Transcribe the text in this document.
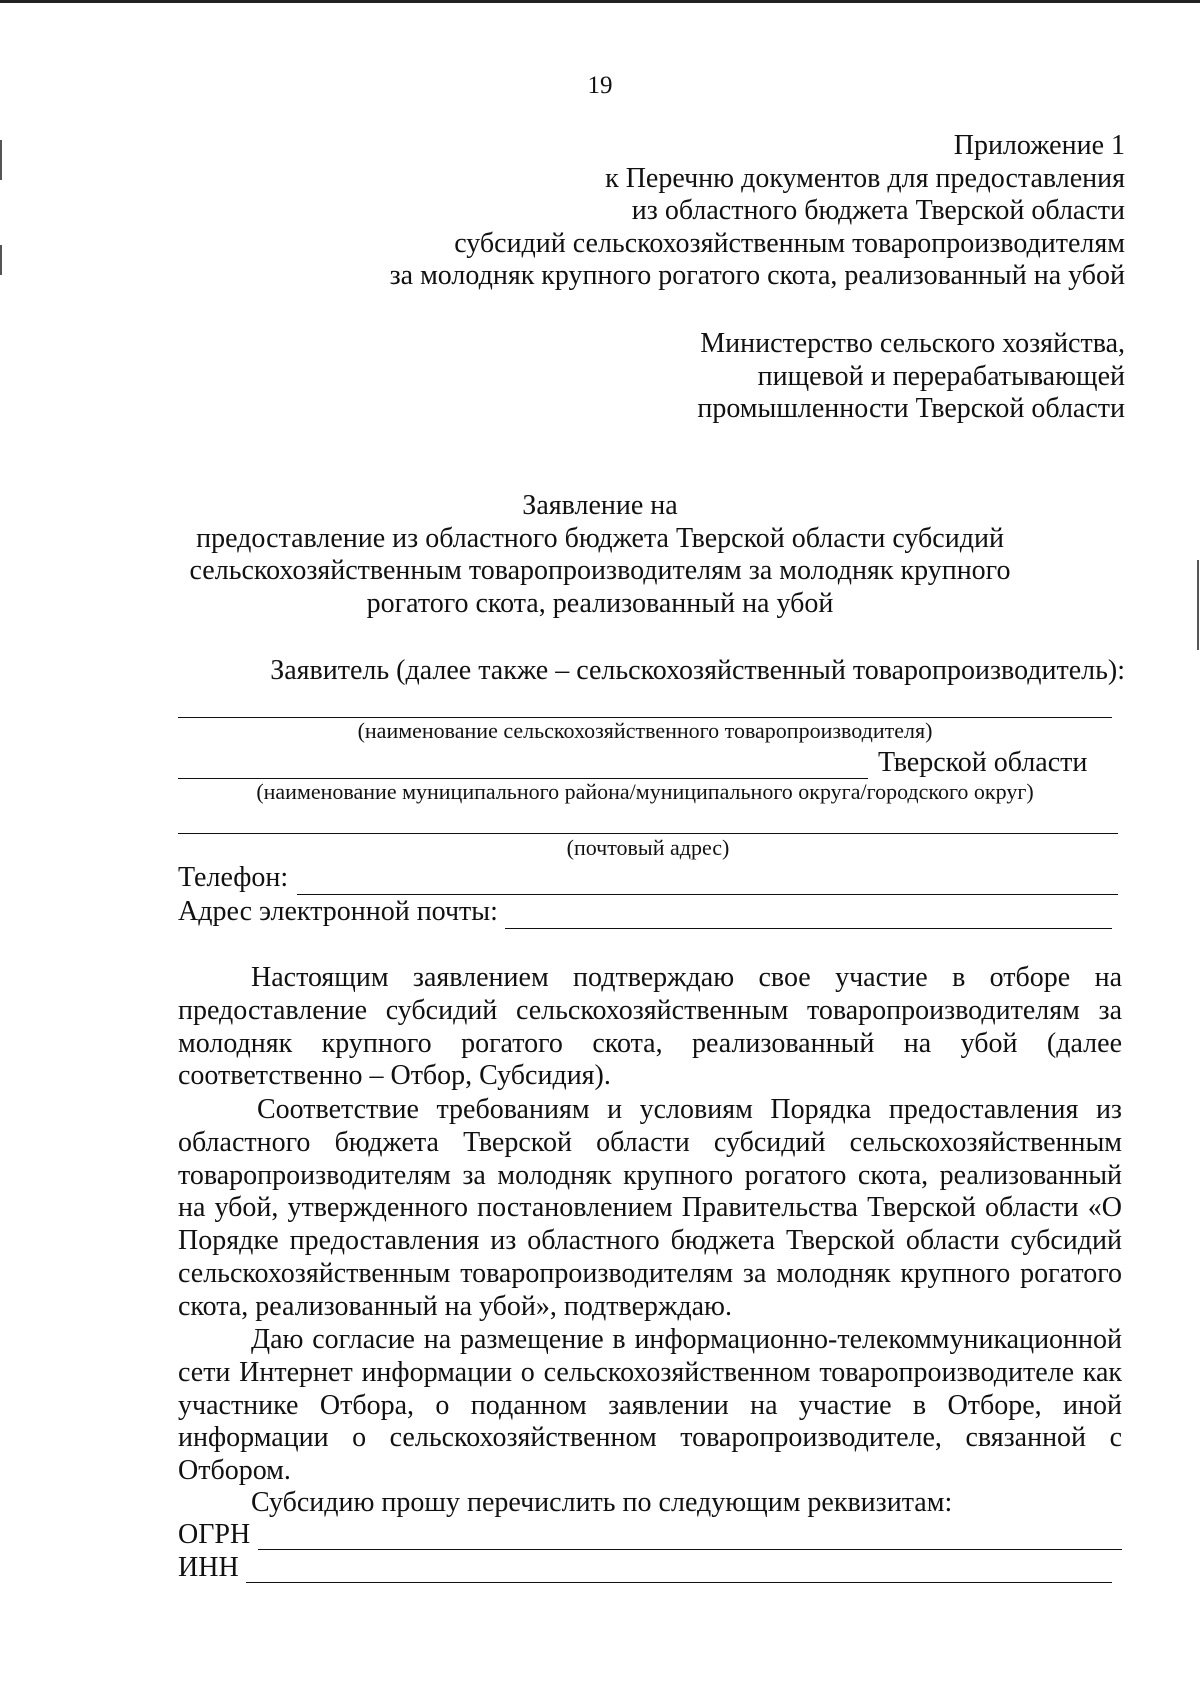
19
Приложение 1
к Перечню документов для предоставления
из областного бюджета Тверской области
субсидий сельскохозяйственным товаропроизводителям
за молодняк крупного рогатого скота, реализованный на убой
Министерство сельского хозяйства,
пищевой и перерабатывающей
промышленности Тверской области
Заявление на
предоставление из областного бюджета Тверской области субсидий
сельскохозяйственным товаропроизводителям за молодняк крупного
рогатого скота, реализованный на убой
Заявитель (далее также – сельскохозяйственный товаропроизводитель):
(наименование сельскохозяйственного товаропроизводителя)
Тверской области
(наименование муниципального района/муниципального округа/городского округ)
(почтовый адрес)
Телефон:
Адрес электронной почты:
Настоящим заявлением подтверждаю свое участие в отборе на предоставление субсидий сельскохозяйственным товаропроизводителям за молодняк крупного рогатого скота, реализованный на убой (далее соответственно – Отбор, Субсидия).
Соответствие требованиям и условиям Порядка предоставления из областного бюджета Тверской области субсидий сельскохозяйственным товаропроизводителям за молодняк крупного рогатого скота, реализованный на убой, утвержденного постановлением Правительства Тверской области «О Порядке предоставления из областного бюджета Тверской области субсидий сельскохозяйственным товаропроизводителям за молодняк крупного рогатого скота, реализованный на убой», подтверждаю.
Даю согласие на размещение в информационно-телекоммуникационной сети Интернет информации о сельскохозяйственном товаропроизводителе как участнике Отбора, о поданном заявлении на участие в Отборе, иной информации о сельскохозяйственном товаропроизводителе, связанной с Отбором.
Субсидию прошу перечислить по следующим реквизитам:
ОГРН
ИНН
